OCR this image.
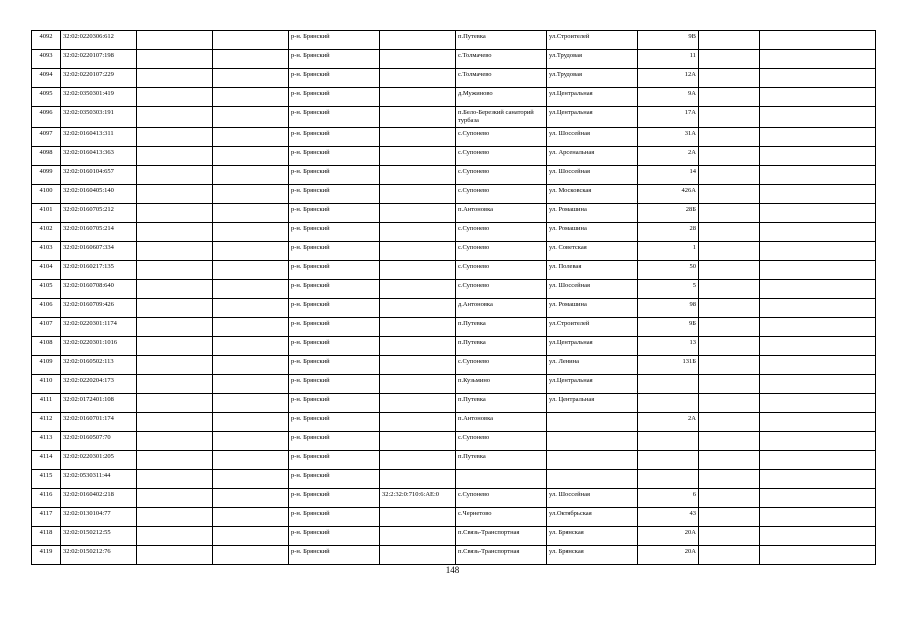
4092	32:02:0220306:612			р-н. Брянский		п.Путевка	ул.Строителей	9В		
4093	32:02:0220107:198			р-н. Брянский		с.Толмачево	ул.Трудовая	11		
4094	32:02:0220107:229			р-н. Брянский		с.Толмачево	ул.Трудовая	12А		
4095	32:02:0350301:419			р-н. Брянский		д.Мужиново	ул.Центральная	9А		
4096	32:02:0350303:191			р-н. Брянский		п.Бело-Березкий санаторий турбаза	ул.Центральная	17А		
4097	32:02:0160413:311			р-н. Брянский		с.Супонево	ул. Шоссейная	31А		
4098	32:02:0160413:363			р-н. Брянский		с.Супонево	ул. Арсенальная	2А		
4099	32:02:0160104:657			р-н. Брянский		с.Супонево	ул. Шоссейная	14		
4100	32:02:0160405:140			р-н. Брянский		с.Супонево	ул. Московская	426А		
4101	32:02:0160705:212			р-н. Брянский		п.Антоновка	ул. Ромашина	28Б		
4102	32:02:0160705:214			р-н. Брянский		с.Супонево	ул. Ромашина	28		
4103	32:02:0160607:334			р-н. Брянский		с.Супонево	ул. Советская	1		
4104	32:02:0160217:135			р-н. Брянский		с.Супонево	ул. Полевая	50		
4105	32:02:0160708:640			р-н. Брянский		с.Супонево	ул. Шоссейная	5		
4106	32:02:0160709:426			р-н. Брянский		д.Антоновка	ул. Ромашина	98		
4107	32:02:0220301:1174			р-н. Брянский		п.Путевка	ул.Строителей	9Б		
4108	32:02:0220301:1016			р-н. Брянский		п.Путевка	ул.Центральная	13		
4109	32:02:0160502:113			р-н. Брянский		с.Супонево	ул. Ленина	131Б		
4110	32:02:0220204:173			р-н. Брянский		п.Кузьмино	ул.Центральная			
4111	32:02:0172401:108			р-н. Брянский		п.Путевка	ул. Центральная			
4112	32:02:0160701:174			р-н. Брянский		п.Антоновка		2А		
4113	32:02:0160507:70			р-н. Брянский		с.Супонево				
4114	32:02:0220301:205			р-н. Брянский		п.Путевка				
4115	32:02:0530311:44			р-н. Брянский						
4116	32:02:0160402:218			р-н. Брянский	32:2:32:0:710:6:АЕ:0	с.Супонево	ул. Шоссейная	6		
4117	32:02:0130104:77			р-н. Брянский		с.Чернетово	ул.Октябрьская	43		
4118	32:02:0150212:55			р-н. Брянский		п.Связь-Транспортная	ул. Брянская	20А		
4119	32:02:0150212:76			р-н. Брянский		п.Связь-Транспортная	ул. Брянская	20А		
148
